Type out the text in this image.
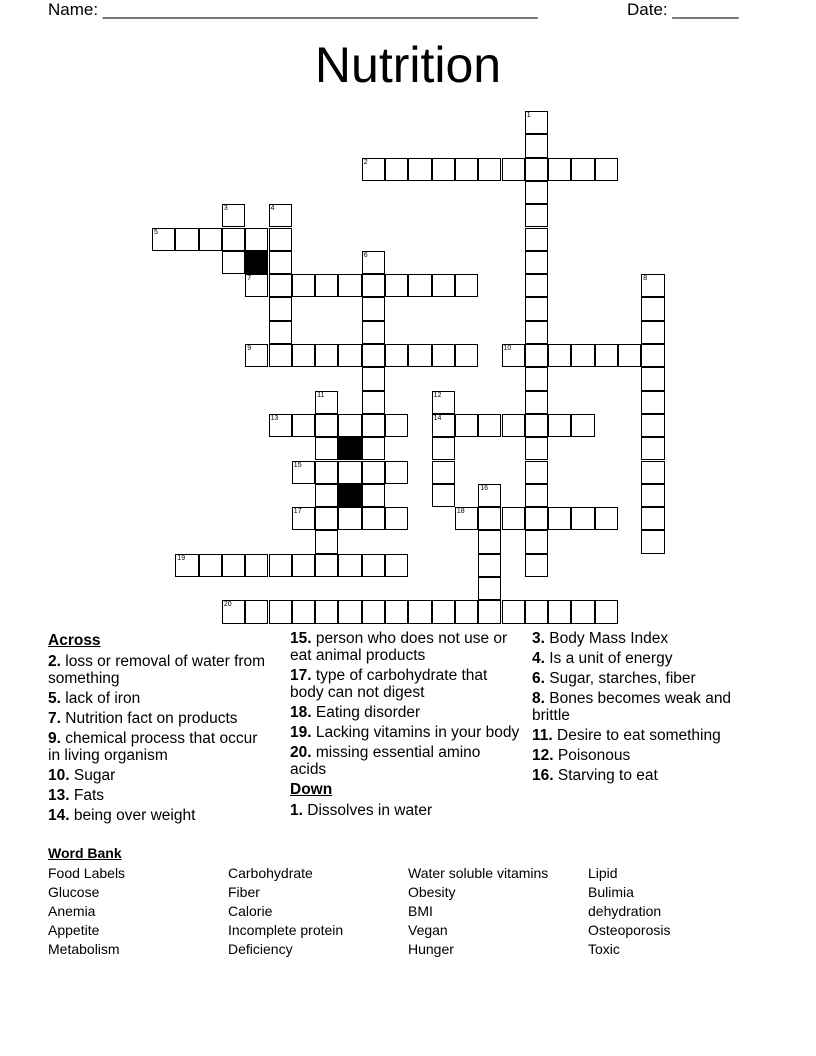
Name: ______________________________________________	Date: _______
Nutrition
2
5
7
9	10
13	14
15
17	18
19
20
1
3	4
6
8
11	12
16
Across
2. loss or removal of water from something
5. lack of iron
7. Nutrition fact on products
9. chemical process that occur in living organism
10. Sugar
13. Fats
14. being over weight
15. person who does not use or eat animal products
17. type of carbohydrate that body can not digest
18. Eating disorder
19. Lacking vitamins in your body
20. missing essential amino acids
Down
1. Dissolves in water
3. Body Mass Index
4. Is a unit of energy
6. Sugar, starches, fiber
8. Bones becomes weak and brittle
11. Desire to eat something
12. Poisonous
16. Starving to eat
Word Bank
Food Labels
Glucose
Anemia
Appetite
Metabolism
Carbohydrate
Fiber
Calorie
Incomplete protein
Deficiency
Water soluble vitamins
Obesity
BMI
Vegan
Hunger
Lipid
Bulimia
dehydration
Osteoporosis
Toxic
